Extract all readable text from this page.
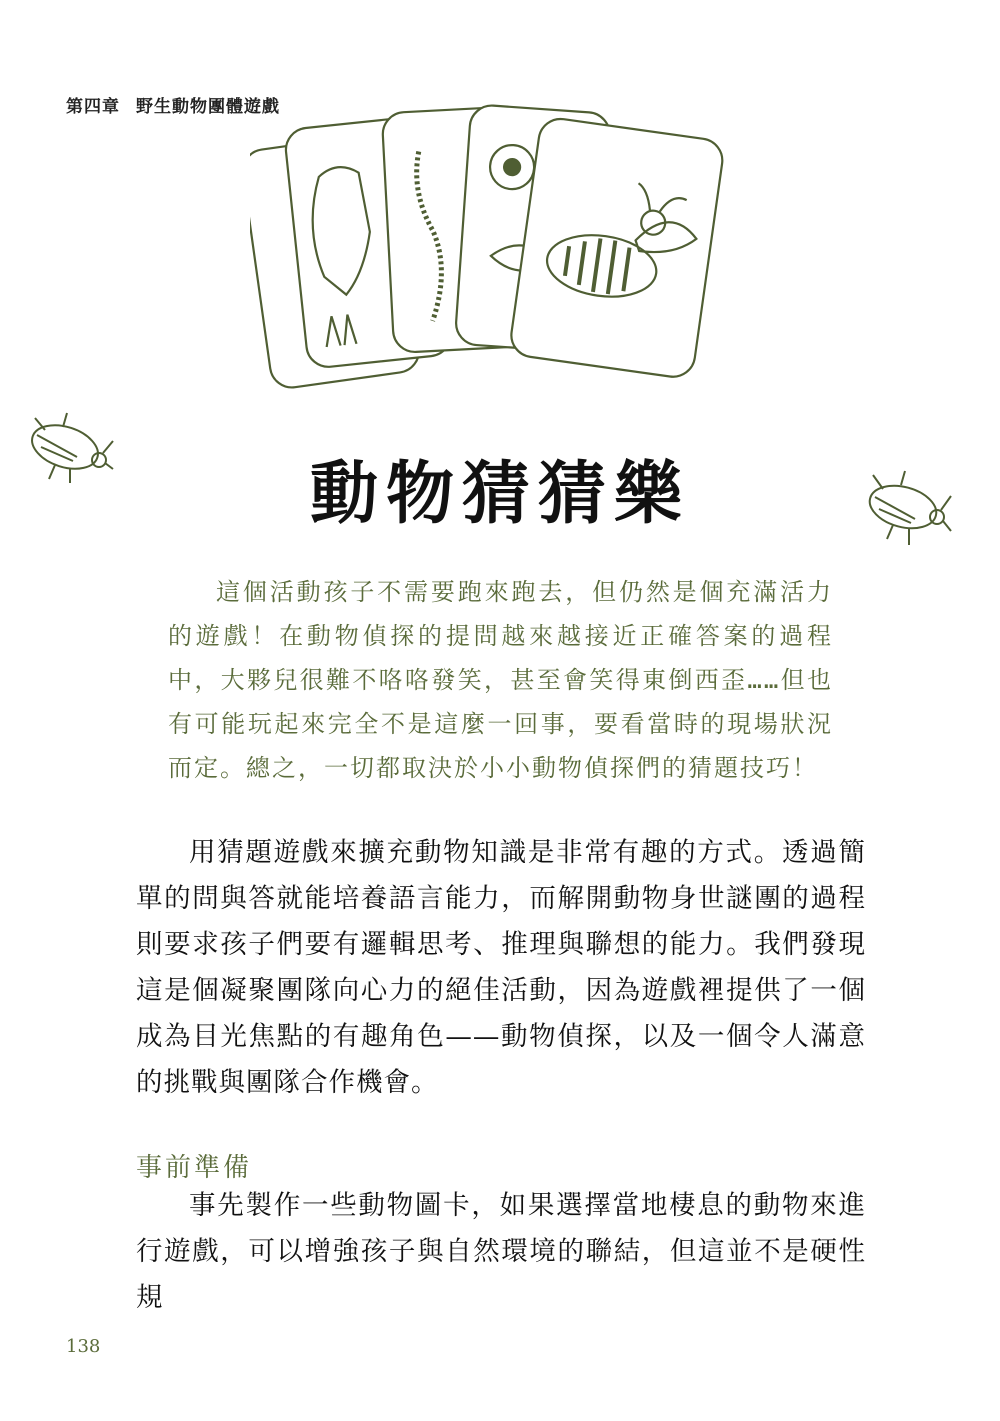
第四章 野生動物團體遊戲
動物猜猜樂

這個活動孩子不需要跑來跑去，但仍然是個充滿活力的遊戲！在動物偵探的提問越來越接近正確答案的過程中，大夥兒很難不咯咯發笑，甚至會笑得東倒西歪……但也有可能玩起來完全不是這麼一回事，要看當時的現場狀況而定。總之，一切都取決於小小動物偵探們的猜題技巧！

用猜題遊戲來擴充動物知識是非常有趣的方式。透過簡單的問與答就能培養語言能力，而解開動物身世謎團的過程則要求孩子們要有邏輯思考、推理與聯想的能力。我們發現這是個凝聚團隊向心力的絕佳活動，因為遊戲裡提供了一個成為目光焦點的有趣角色——動物偵探，以及一個令人滿意的挑戰與團隊合作機會。

事前準備

事先製作一些動物圖卡，如果選擇當地棲息的動物來進行遊戲，可以增強孩子與自然環境的聯結，但這並不是硬性規

138
